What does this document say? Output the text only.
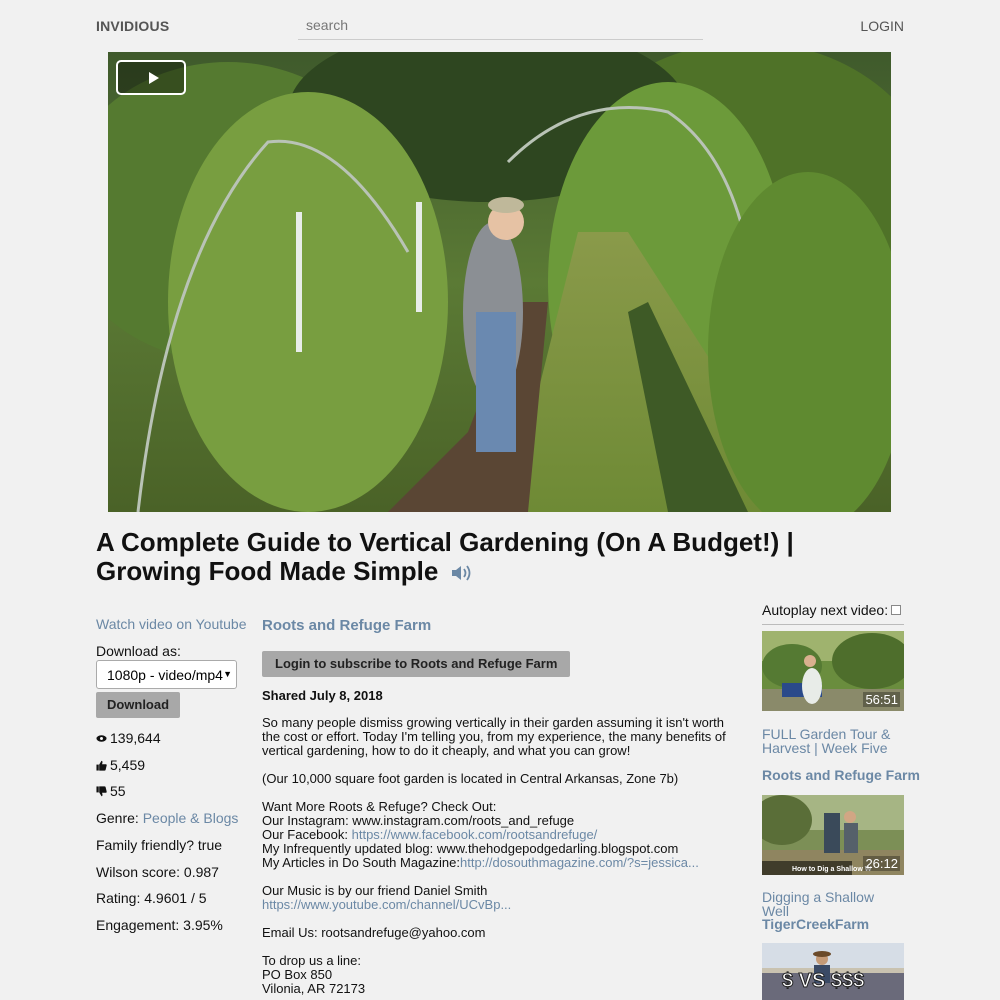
INVIDIOUS
search	LOGIN
A Complete Guide to Vertical Gardening (On A Budget!) | Growing Food Made Simple
Watch video on Youtube
Download as:
1080p - video/mp4 ▼
Download
139,644
5,459
55
Genre: People & Blogs
Family friendly? true
Wilson score: 0.987
Rating: 4.9601 / 5
Engagement: 3.95%
Roots and Refuge Farm
Login to subscribe to Roots and Refuge Farm
Shared July 8, 2018

So many people dismiss growing vertically in their garden assuming it isn't worth the cost or effort. Today I'm telling you, from my experience, the many benefits of vertical gardening, how to do it cheaply, and what you can grow!

(Our 10,000 square foot garden is located in Central Arkansas, Zone 7b)

Want More Roots & Refuge? Check Out:
Our Instagram: www.instagram.com/roots_and_refuge
Our Facebook: https://www.facebook.com/rootsandrefuge/
My Infrequently updated blog: www.thehodgepodgedarling.blogspot.com
My Articles in Do South Magazine:http://dosouthmagazine.com/?s=jessica...

Our Music is by our friend Daniel Smith
https://www.youtube.com/channel/UCvBp...

Email Us: rootsandrefuge@yahoo.com

To drop us a line:
PO Box 850
Vilonia, AR 72173

Autoplay next video:
56:51
FULL Garden Tour & Harvest | Week Five
Roots and Refuge Farm
How to Dig a Shallow W
26:12
Digging a Shallow Well
TigerCreekFarm
$ VS $$$
